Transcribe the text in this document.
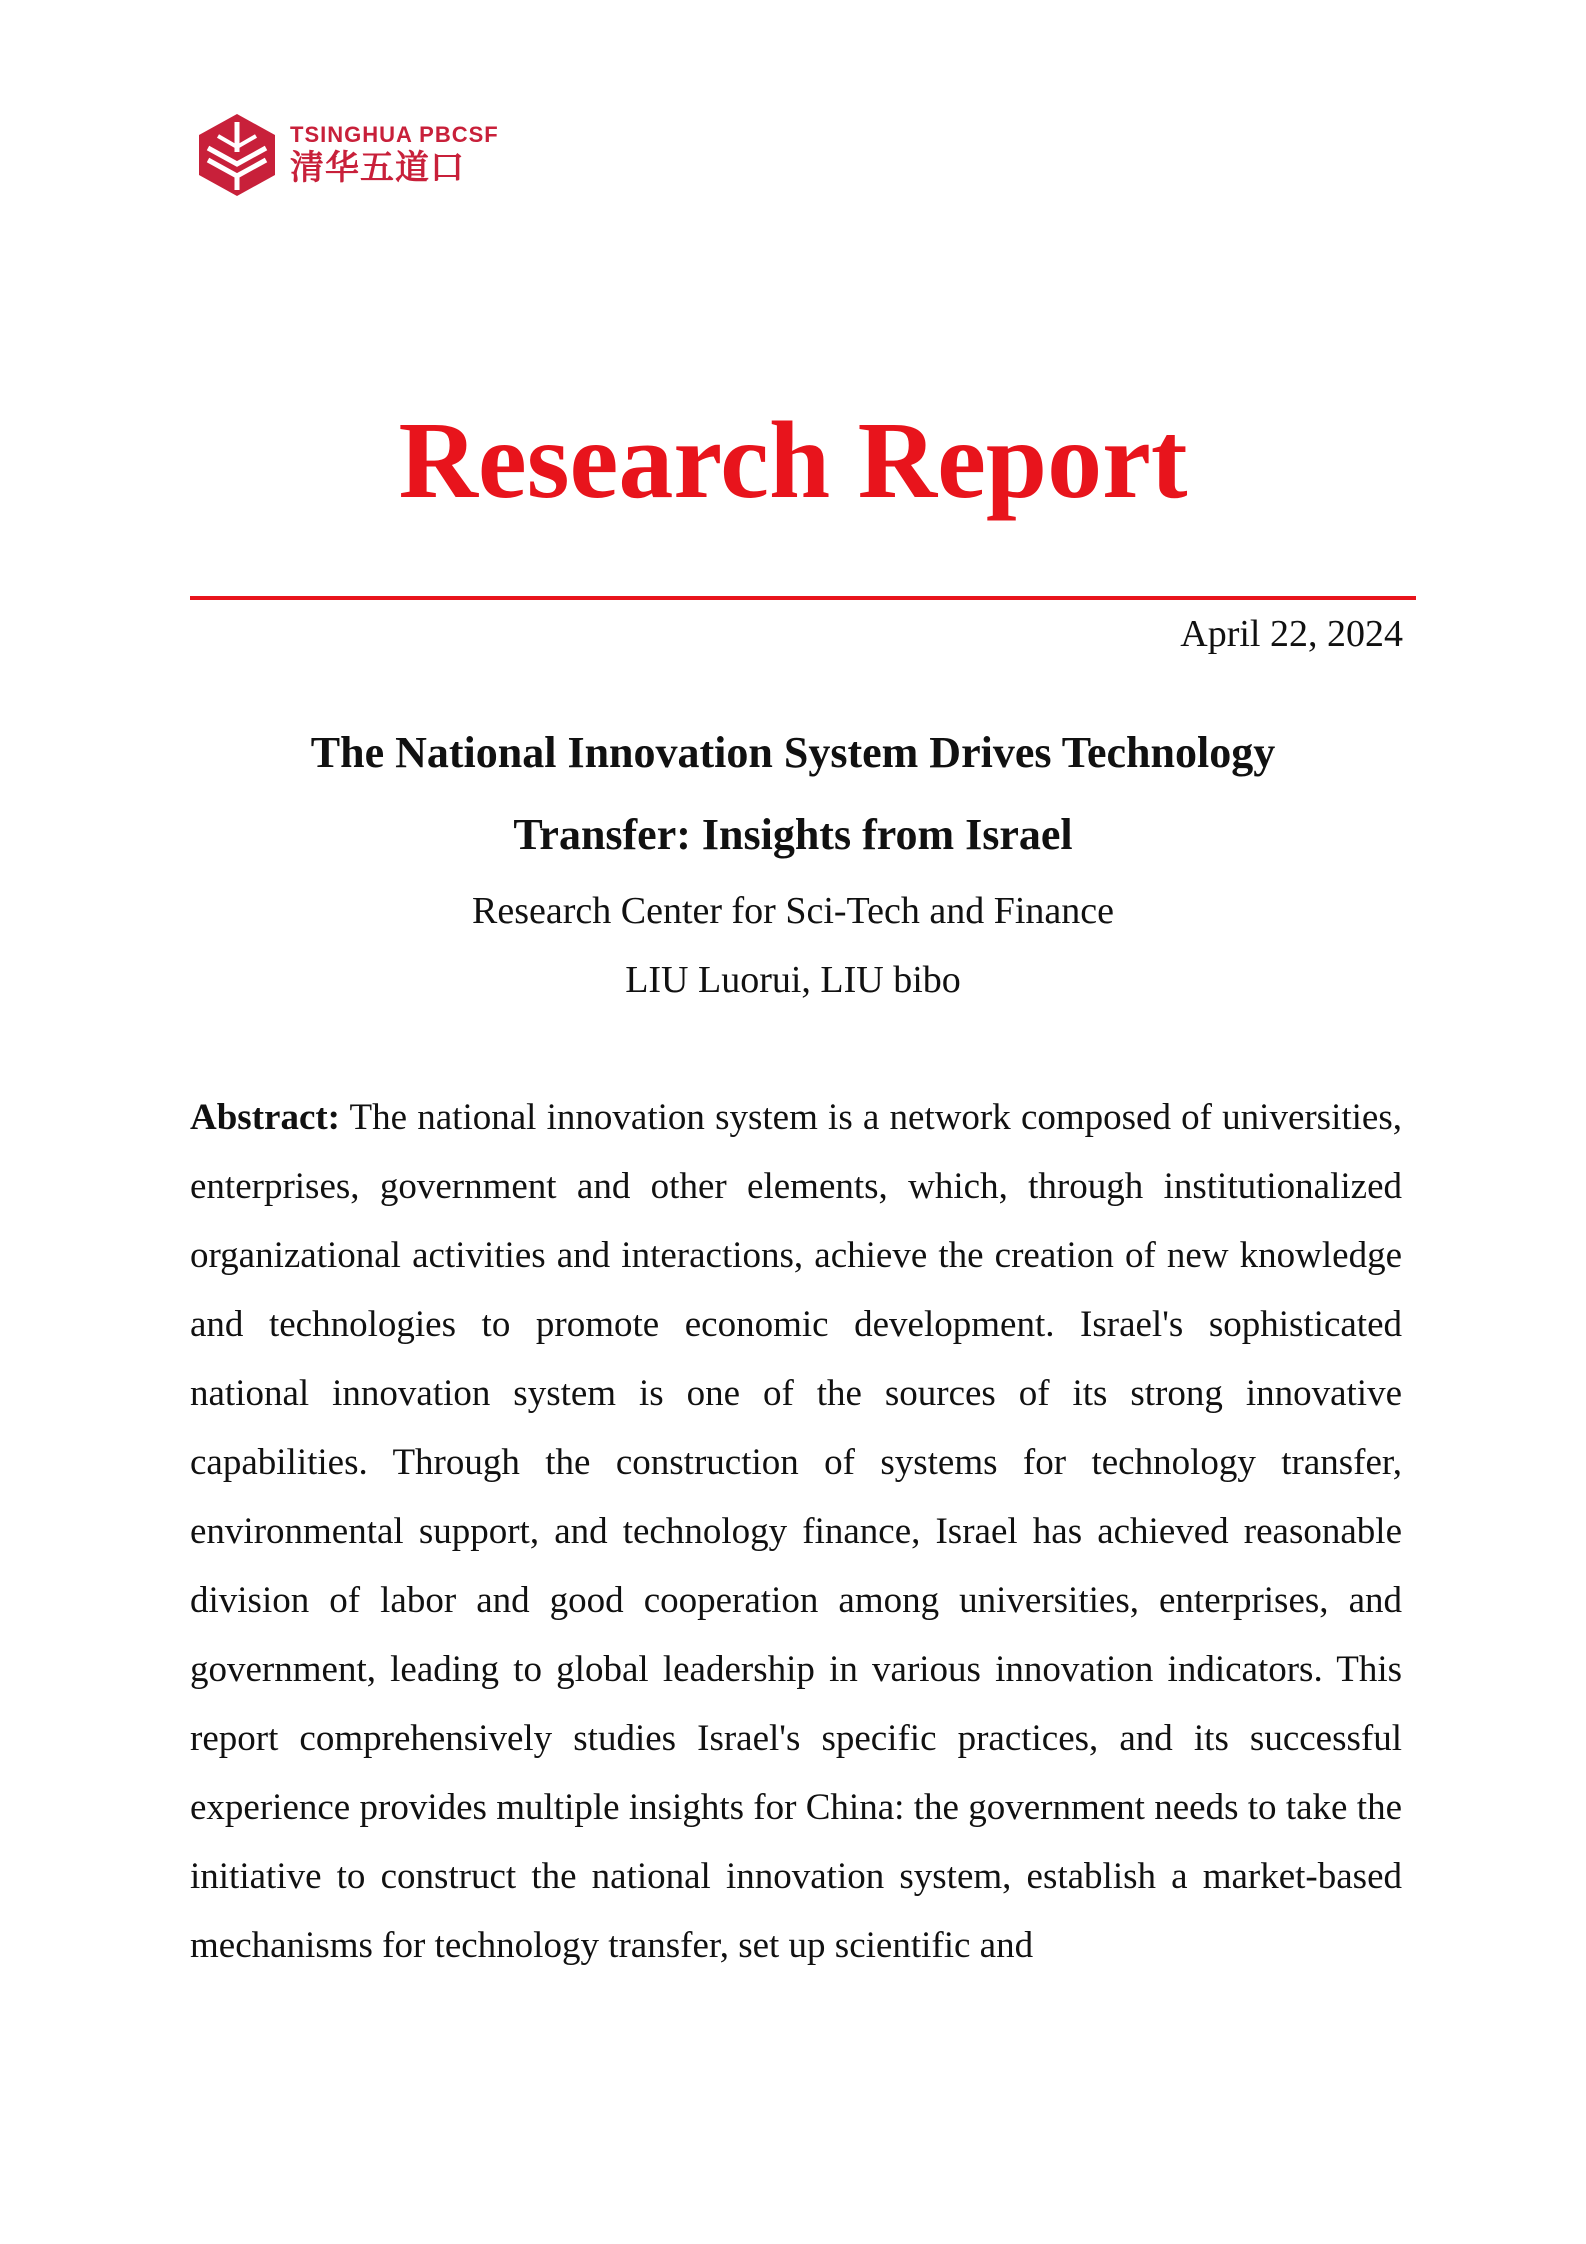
TSINGHUA PBCSF
清华五道口
Research Report
April 22, 2024
The National Innovation System Drives Technology
Transfer: Insights from Israel
Research Center for Sci-Tech and Finance
LIU Luorui, LIU bibo

Abstract: The national innovation system is a network composed of universities, enterprises, government and other elements, which, through institutionalized organizational activities and interactions, achieve the creation of new knowledge and technologies to promote economic development. Israel's sophisticated national innovation system is one of the sources of its strong innovative capabilities. Through the construction of systems for technology transfer, environmental support, and technology finance, Israel has achieved reasonable division of labor and good cooperation among universities, enterprises, and government, leading to global leadership in various innovation indicators. This report comprehensively studies Israel's specific practices, and its successful experience provides multiple insights for China: the government needs to take the initiative to construct the national innovation system, establish a market-based mechanisms for technology transfer, set up scientific and
